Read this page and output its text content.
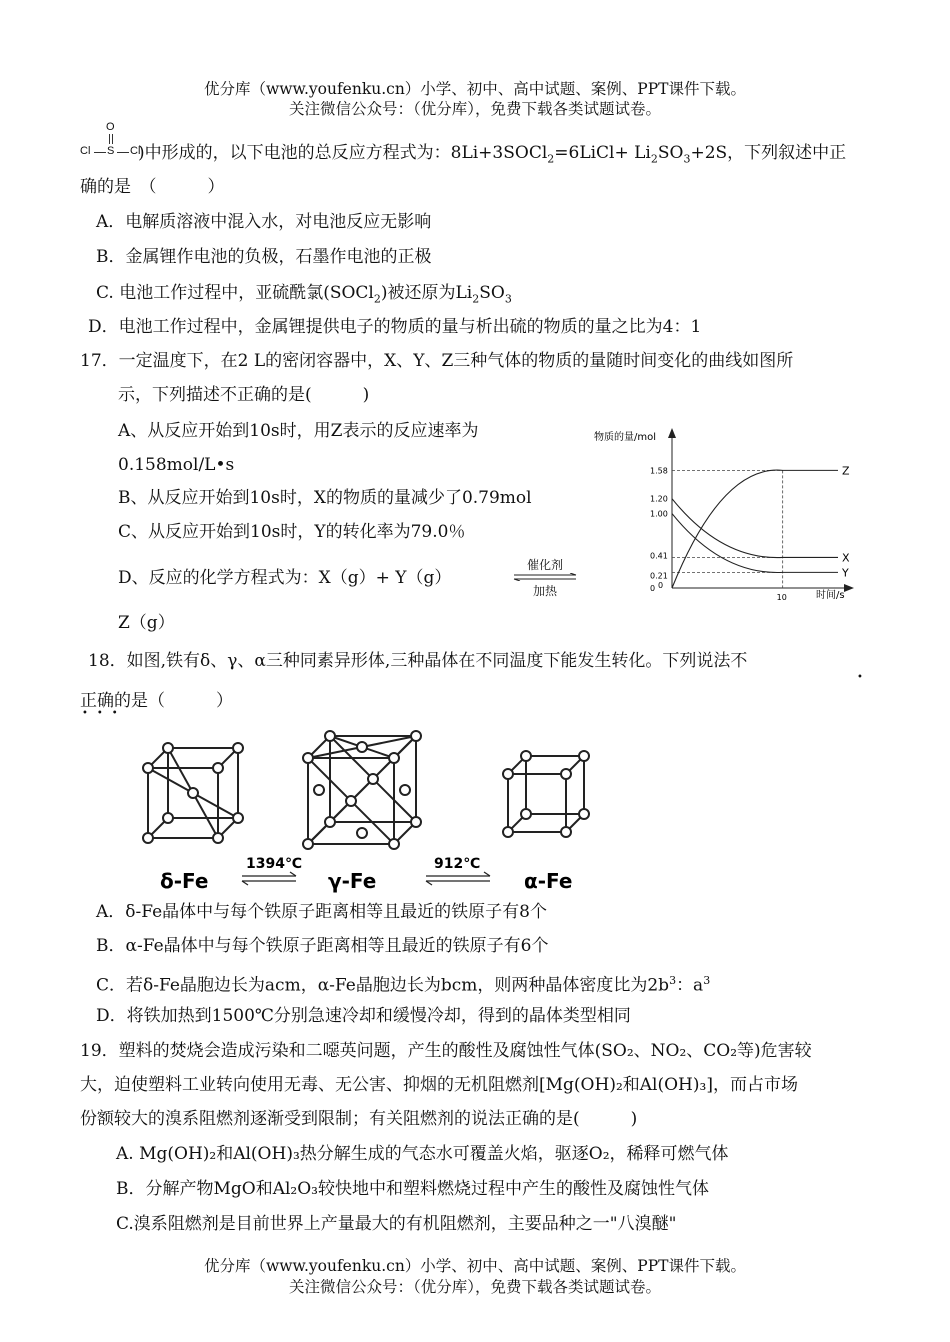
优分库（www.youfenku.cn）小学、初中、高中试题、案例、PPT课件下载。
关注微信公众号：（优分库），免费下载各类试题试卷。
O
Cl S Cl
)中形成的，以下电池的总反应方程式为：8Li+3SOCl$_2$=6LiCl+ $Li_2SO_3+2S$，下列叙述中正
确的是　（　　　）
A．电解质溶液中混入水，对电池反应无影响
B．金属锂作电池的负极，石墨作电池的正极
C. 电池工作过程中，亚硫酰氯(SOCl$_2$)被还原为$Li_2SO_3$
D．电池工作过程中，金属锂提供电子的物质的量与析出硫的物质的量之比为4：1
17．一定温度下，在2 L的密闭容器中，X、Y、Z三种气体的物质的量随时间变化的曲线如图所
示，下列描述不正确的是(　　　)
A、从反应开始到10s时，用Z表示的反应速率为
0.158mol/L•s
B、从反应开始到10s时，X的物质的量减少了0.79mol
C、从反应开始到10s时，Y的转化率为79.0％
D、反应的化学方程式为：X（g）+ Y（g）
催化剂
加热
Z（g）
物质的量/mol
时间/s
0
0.21
0.41
1.00
1.20
1.58
0
10
Z
X
Y
18．如图,铁有δ、γ、α三种同素异形体,三种晶体在不同温度下能发生转化。下列说法不
•
正确的是（　　　）
•••
1394℃	912℃
δ-Fe	γ-Fe	α-Fe
A．δ-Fe晶体中与每个铁原子距离相等且最近的铁原子有8个
B．α-Fe晶体中与每个铁原子距离相等且最近的铁原子有6个
C．若δ-Fe晶胞边长为acm，α-Fe晶胞边长为bcm，则两种晶体密度比为$2b^3$：$a^3$
D．将铁加热到1500℃分别急速冷却和缓慢冷却，得到的晶体类型相同
19．塑料的焚烧会造成污染和二噁英问题，产生的酸性及腐蚀性气体(SO₂、NO₂、CO₂等)危害较
大，迫使塑料工业转向使用无毒、无公害、抑烟的无机阻燃剂[Mg(OH)₂和Al(OH)₃]，而占市场
份额较大的溴系阻燃剂逐渐受到限制；有关阻燃剂的说法正确的是(　　　)
A. Mg(OH)₂和Al(OH)₃热分解生成的气态水可覆盖火焰，驱逐O₂，稀释可燃气体
B．分解产物MgO和Al₂O₃较快地中和塑料燃烧过程中产生的酸性及腐蚀性气体
C.溴系阻燃剂是目前世界上产量最大的有机阻燃剂，主要品种之一"八溴醚"
优分库（www.youfenku.cn）小学、初中、高中试题、案例、PPT课件下载。
关注微信公众号：（优分库），免费下载各类试题试卷。
